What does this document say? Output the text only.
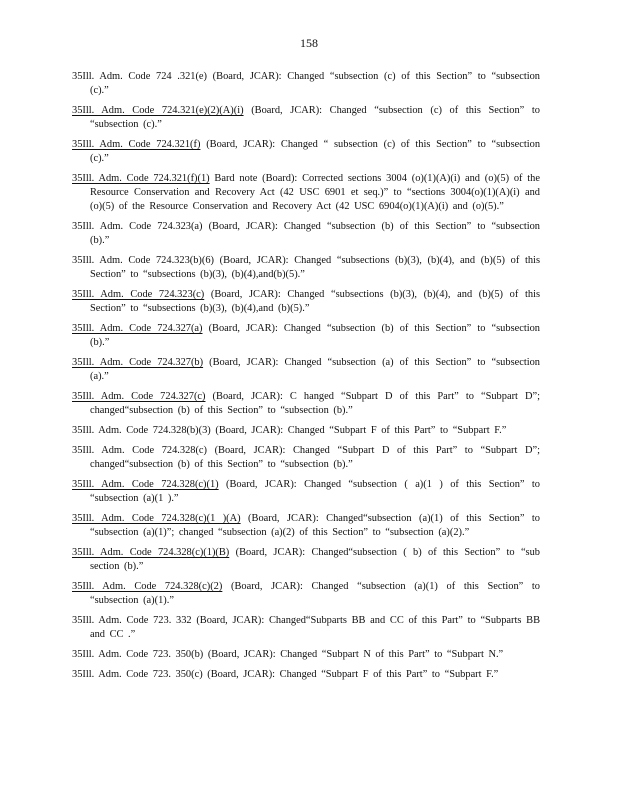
158

35Ill. Adm. Code 724 .321(e) (Board, JCAR): Changed “subsection (c) of this Section” to “subsection (c).”

35Ill. Adm. Code 724.321(e)(2)(A)(i) (Board, JCAR): Changed “subsection (c) of this Section” to “subsection (c).”

35Ill. Adm. Code 724.321(f) (Board, JCAR): Changed “ subsection (c) of this Section” to “subsection (c).”

35Ill. Adm. Code 724.321(f)(1) Bard note (Board): Corrected sections 3004 (o)(1)(A)(i) and (o)(5) of the Resource Conservation and Recovery Act (42 USC 6901 et seq.)” to “sections 3004(o)(1)(A)(i) and (o)(5) of the Resource Conservation and Recovery Act (42 USC 6904(o)(1)(A)(i) and (o)(5).”

35Ill. Adm. Code 724.323(a) (Board, JCAR): Changed “subsection (b) of this Section” to “subsection (b).”

35Ill. Adm. Code 724.323(b)(6) (Board, JCAR): Changed “subsections (b)(3), (b)(4), and (b)(5) of this Section” to “subsections (b)(3), (b)(4),and(b)(5).”

35Ill. Adm. Code 724.323(c) (Board, JCAR): Changed “subsections (b)(3), (b)(4), and (b)(5) of this Section” to “subsections (b)(3), (b)(4),and (b)(5).”

35Ill. Adm. Code 724.327(a) (Board, JCAR): Changed “subsection (b) of this Section” to “subsection (b).”

35Ill. Adm. Code 724.327(b) (Board, JCAR): Changed “subsection (a) of this Section” to “subsection (a).”

35Ill. Adm. Code 724.327(c) (Board, JCAR): C hanged “Subpart D of this Part” to “Subpart D”; changed“subsection (b) of this Section” to “subsection (b).”

35Ill. Adm. Code 724.328(b)(3) (Board, JCAR): Changed “Subpart F of this Part” to “Subpart F.”

35Ill. Adm. Code 724.328(c) (Board, JCAR): Changed “Subpart D of this Part” to “Subpart D”; changed“subsection (b) of this Section” to “subsection (b).”

35Ill. Adm. Code 724.328(c)(1) (Board, JCAR): Changed “subsection ( a)(1 ) of this Section” to “subsection (a)(1 ).”

35Ill. Adm. Code 724.328(c)(1 )(A) (Board, JCAR): Changed“subsection (a)(1) of this Section” to “subsection (a)(1)”; changed “subsection (a)(2) of this Section” to “subsection (a)(2).”

35Ill. Adm. Code 724.328(c)(1)(B) (Board, JCAR): Changed“subsection ( b) of this Section” to “sub section (b).”

35Ill. Adm. Code 724.328(c)(2) (Board, JCAR): Changed “subsection (a)(1) of this Section” to “subsection (a)(1).”

35Ill. Adm. Code 723. 332 (Board, JCAR): Changed“Subparts BB and CC of this Part” to “Subparts BB and CC .”

35Ill. Adm. Code 723. 350(b) (Board, JCAR): Changed “Subpart N of this Part” to “Subpart N.”

35Ill. Adm. Code 723. 350(c) (Board, JCAR): Changed “Subpart F of this Part” to “Subpart F.”
